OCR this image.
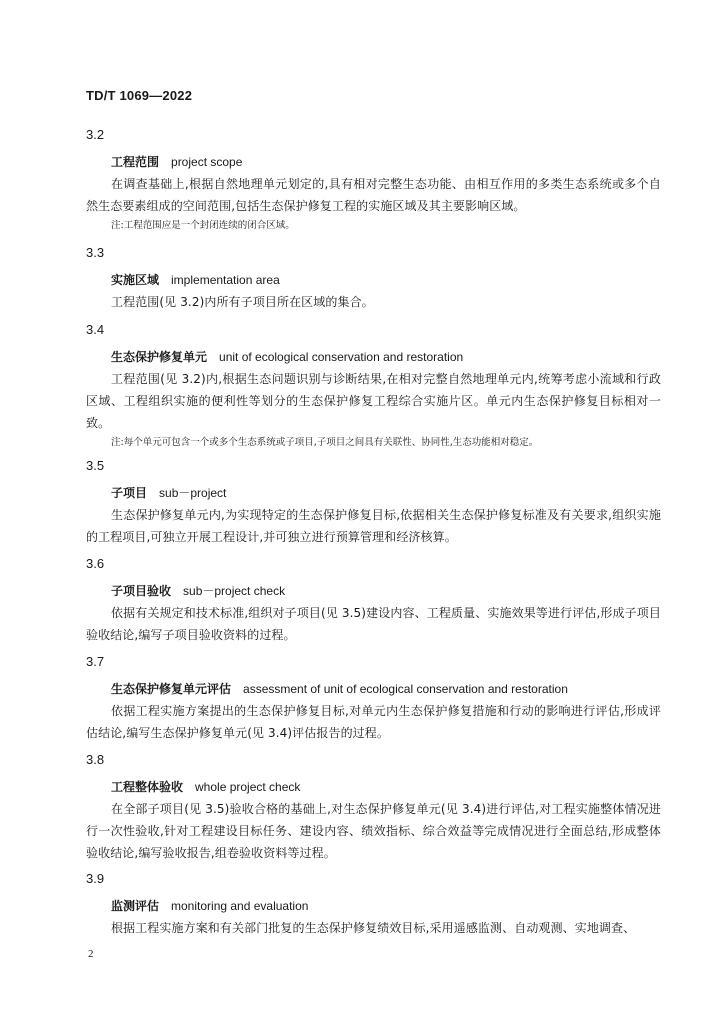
TD/T 1069—2022
3.2
工程范围 project scope
在调查基础上,根据自然地理单元划定的,具有相对完整生态功能、由相互作用的多类生态系统或多个自然生态要素组成的空间范围,包括生态保护修复工程的实施区域及其主要影响区域。
注:工程范围应是一个封闭连续的闭合区域。
3.3
实施区域 implementation area
工程范围(见 3.2)内所有子项目所在区域的集合。
3.4
生态保护修复单元 unit of ecological conservation and restoration
工程范围(见 3.2)内,根据生态问题识别与诊断结果,在相对完整自然地理单元内,统筹考虑小流域和行政区域、工程组织实施的便利性等划分的生态保护修复工程综合实施片区。单元内生态保护修复目标相对一致。
注:每个单元可包含一个或多个生态系统或子项目,子项目之间具有关联性、协同性,生态功能相对稳定。
3.5
子项目 sub－project
生态保护修复单元内,为实现特定的生态保护修复目标,依据相关生态保护修复标准及有关要求,组织实施的工程项目,可独立开展工程设计,并可独立进行预算管理和经济核算。
3.6
子项目验收 sub－project check
依据有关规定和技术标准,组织对子项目(见 3.5)建设内容、工程质量、实施效果等进行评估,形成子项目验收结论,编写子项目验收资料的过程。
3.7
生态保护修复单元评估 assessment of unit of ecological conservation and restoration
依据工程实施方案提出的生态保护修复目标,对单元内生态保护修复措施和行动的影响进行评估,形成评估结论,编写生态保护修复单元(见 3.4)评估报告的过程。
3.8
工程整体验收 whole project check
在全部子项目(见 3.5)验收合格的基础上,对生态保护修复单元(见 3.4)进行评估,对工程实施整体情况进行一次性验收,针对工程建设目标任务、建设内容、绩效指标、综合效益等完成情况进行全面总结,形成整体验收结论,编写验收报告,组卷验收资料等过程。
3.9
监测评估 monitoring and evaluation
根据工程实施方案和有关部门批复的生态保护修复绩效目标,采用遥感监测、自动观测、实地调查、
2
